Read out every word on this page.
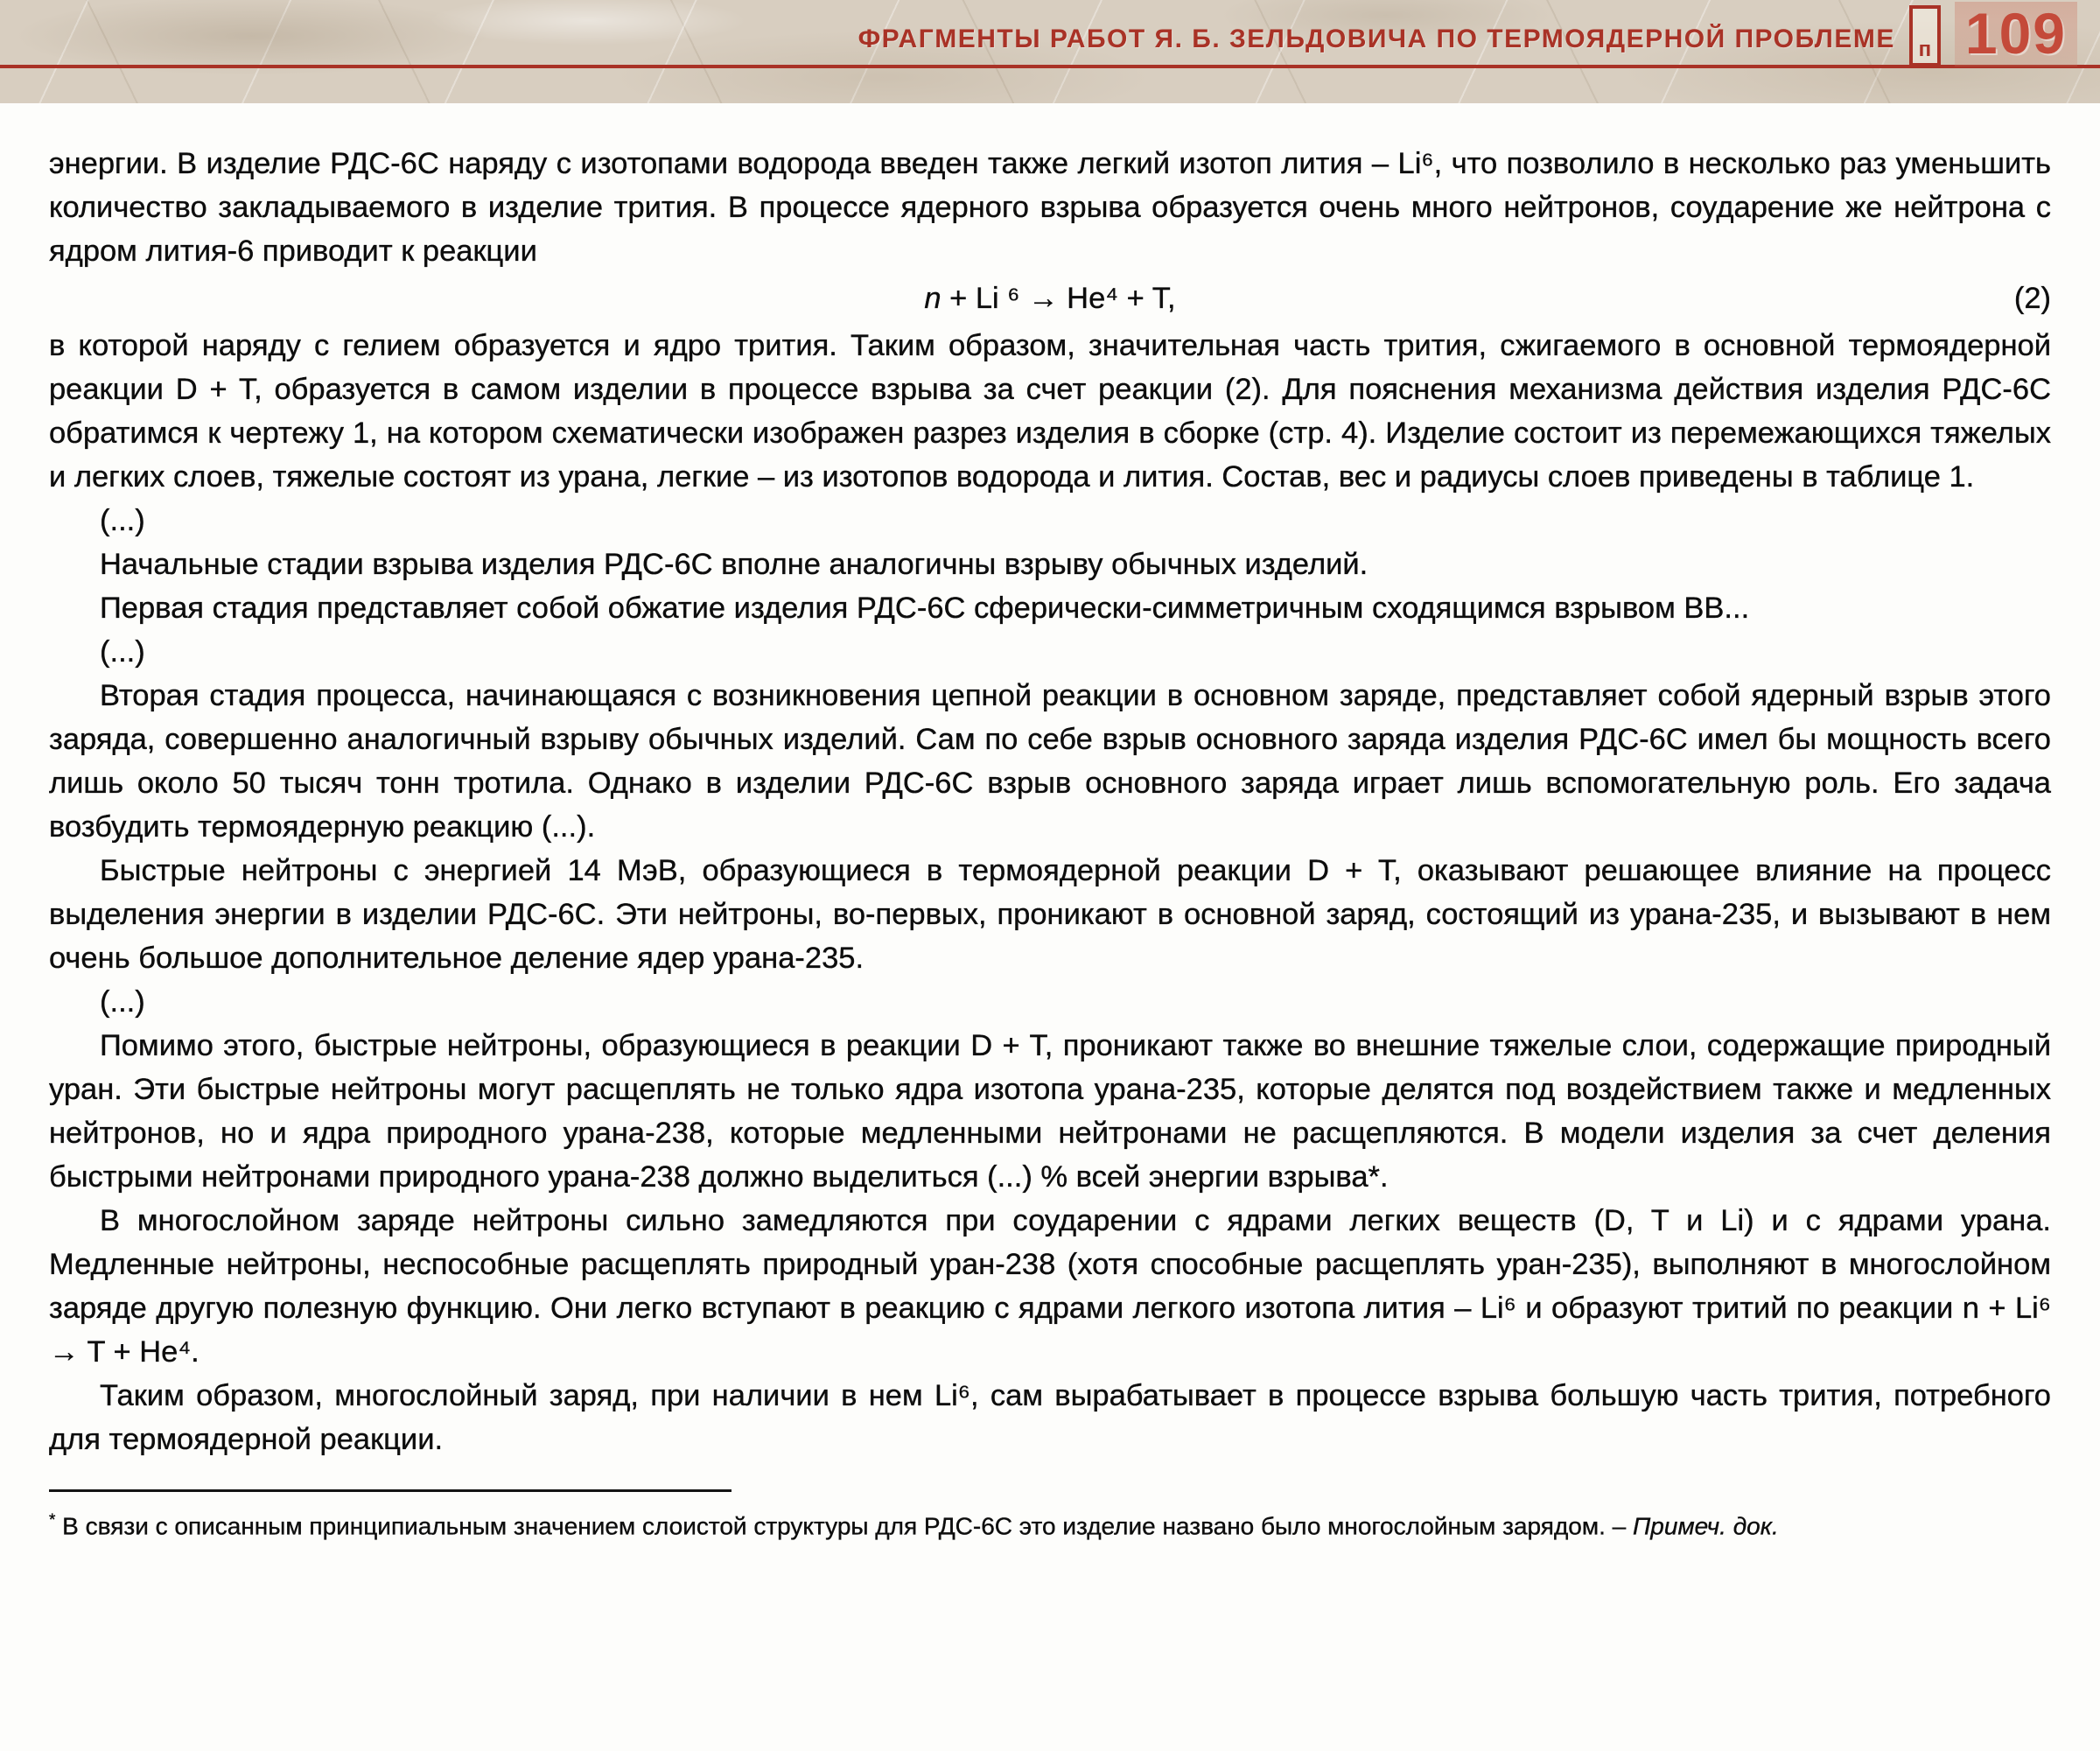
ФРАГМЕНТЫ РАБОТ Я. Б. ЗЕЛЬДОВИЧА ПО ТЕРМОЯДЕРНОЙ ПРОБЛЕМЕ п 109

энергии. В изделие РДС-6С наряду с изотопами водорода введен также легкий изотоп лития – Li⁶, что позволило в несколько раз уменьшить количество закладываемого в изделие трития. В процессе ядерного взрыва образуется очень много нейтронов, соударение же нейтрона с ядром лития-6 приводит к реакции

n + Li ⁶ → He⁴ + T,	(2)

в которой наряду с гелием образуется и ядро трития. Таким образом, значительная часть трития, сжигаемого в основной термоядерной реакции D + T, образуется в самом изделии в процессе взрыва за счет реакции (2). Для пояснения механизма действия изделия РДС-6С обратимся к чертежу 1, на котором схематически изображен разрез изделия в сборке (стр. 4). Изделие состоит из перемежающихся тяжелых и легких слоев, тяжелые состоят из урана, легкие – из изотопов водорода и лития. Состав, вес и радиусы слоев приведены в таблице 1.

(...)

Начальные стадии взрыва изделия РДС-6С вполне аналогичны взрыву обычных изделий.

Первая стадия представляет собой обжатие изделия РДС-6С сферически-симметричным сходящимся взрывом ВВ...

(...)

Вторая стадия процесса, начинающаяся с возникновения цепной реакции в основном заряде, представляет собой ядерный взрыв этого заряда, совершенно аналогичный взрыву обычных изделий. Сам по себе взрыв основного заряда изделия РДС-6С имел бы мощность всего лишь около 50 тысяч тонн тротила. Однако в изделии РДС-6С взрыв основного заряда играет лишь вспомогательную роль. Его задача возбудить термоядерную реакцию (...).

Быстрые нейтроны с энергией 14 МэВ, образующиеся в термоядерной реакции D + T, оказывают решающее влияние на процесс выделения энергии в изделии РДС-6С. Эти нейтроны, во-первых, проникают в основной заряд, состоящий из урана-235, и вызывают в нем очень большое дополнительное деление ядер урана-235.

(...)

Помимо этого, быстрые нейтроны, образующиеся в реакции D + T, проникают также во внешние тяжелые слои, содержащие природный уран. Эти быстрые нейтроны могут расщеплять не только ядра изотопа урана-235, которые делятся под воздействием также и медленных нейтронов, но и ядра природного урана-238, которые медленными нейтронами не расщепляются. В модели изделия за счет деления быстрыми нейтронами природного урана-238 должно выделиться (...) % всей энергии взрыва*.

В многослойном заряде нейтроны сильно замедляются при соударении с ядрами легких веществ (D, T и Li) и с ядрами урана. Медленные нейтроны, неспособные расщеплять природный уран-238 (хотя способные расщеплять уран-235), выполняют в многослойном заряде другую полезную функцию. Они легко вступают в реакцию с ядрами легкого изотопа лития – Li⁶ и образуют тритий по реакции n + Li⁶ → T + He⁴.

Таким образом, многослойный заряд, при наличии в нем Li⁶, сам вырабатывает в процессе взрыва большую часть трития, потребного для термоядерной реакции.

* В связи с описанным принципиальным значением слоистой структуры для РДС-6С это изделие названо было многослойным зарядом. – Примеч. док.
